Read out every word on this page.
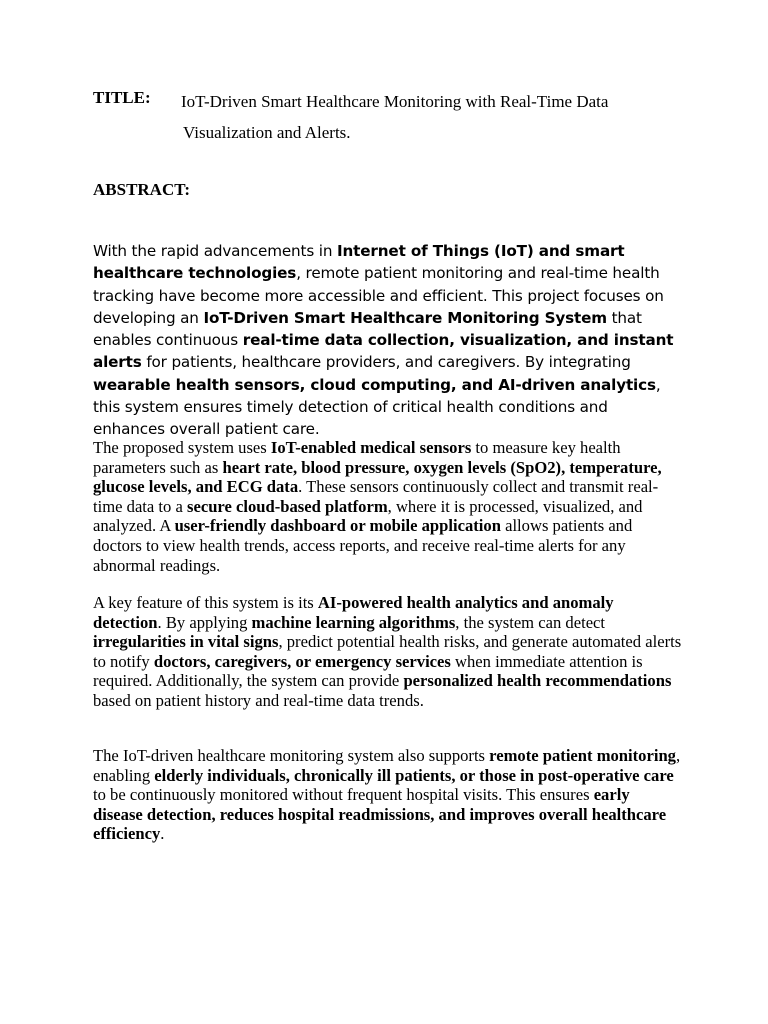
TITLE: IoT-Driven Smart Healthcare Monitoring with Real-Time Data
Visualization and Alerts.
ABSTRACT:

With the rapid advancements in Internet of Things (IoT) and smart healthcare technologies, remote patient monitoring and real-time health tracking have become more accessible and efficient. This project focuses on developing an IoT-Driven Smart Healthcare Monitoring System that enables continuous real-time data collection, visualization, and instant alerts for patients, healthcare providers, and caregivers. By integrating wearable health sensors, cloud computing, and AI-driven analytics, this system ensures timely detection of critical health conditions and enhances overall patient care.

The proposed system uses IoT-enabled medical sensors to measure key health parameters such as heart rate, blood pressure, oxygen levels (SpO2), temperature, glucose levels, and ECG data. These sensors continuously collect and transmit real-time data to a secure cloud-based platform, where it is processed, visualized, and analyzed. A user-friendly dashboard or mobile application allows patients and doctors to view health trends, access reports, and receive real-time alerts for any abnormal readings.

A key feature of this system is its AI-powered health analytics and anomaly detection. By applying machine learning algorithms, the system can detect irregularities in vital signs, predict potential health risks, and generate automated alerts to notify doctors, caregivers, or emergency services when immediate attention is required. Additionally, the system can provide personalized health recommendations based on patient history and real-time data trends.

The IoT-driven healthcare monitoring system also supports remote patient monitoring, enabling elderly individuals, chronically ill patients, or those in post-operative care to be continuously monitored without frequent hospital visits. This ensures early disease detection, reduces hospital readmissions, and improves overall healthcare efficiency.
